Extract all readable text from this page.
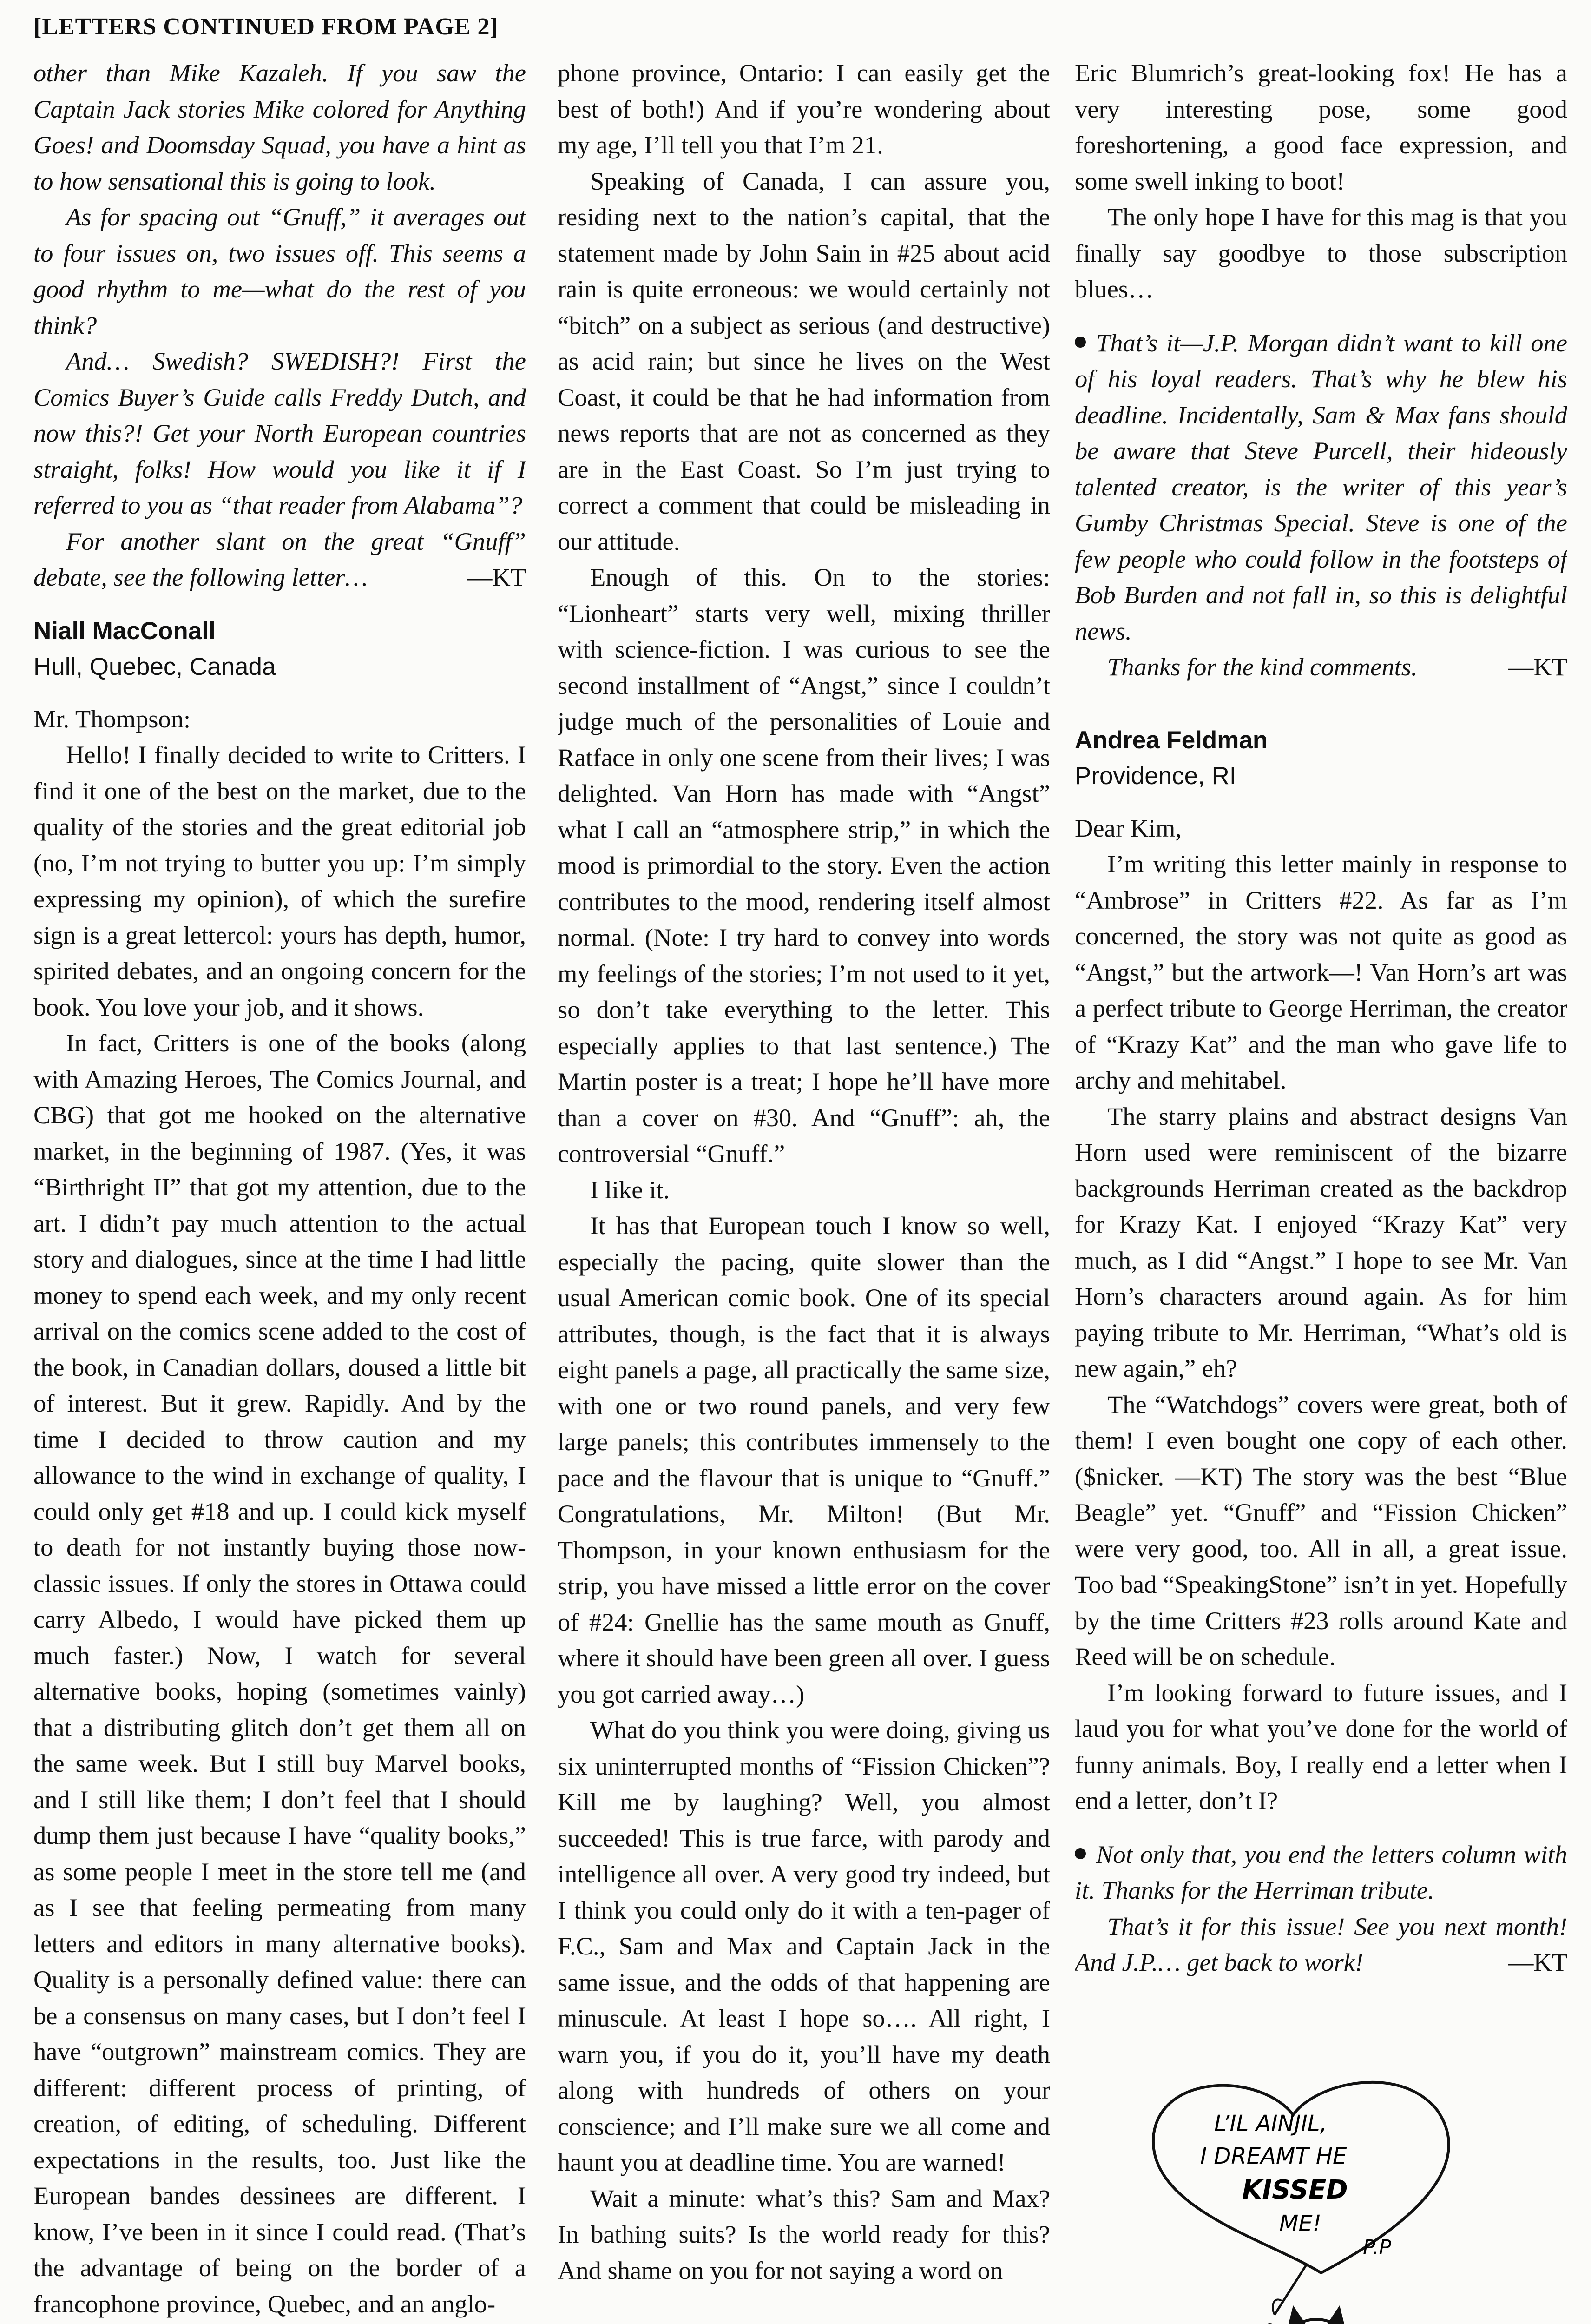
[LETTERS CONTINUED FROM PAGE 2]

other than Mike Kazaleh. If you saw the Captain Jack stories Mike colored for Anything Goes! and Doomsday Squad, you have a hint as to how sensational this is going to look.

As for spacing out “Gnuff,” it averages out to four issues on, two issues off. This seems a good rhythm to me—what do the rest of you think?

And… Swedish? SWEDISH?! First the Comics Buyer’s Guide calls Freddy Dutch, and now this?! Get your North European countries straight, folks! How would you like it if I referred to you as “that reader from Alabama”?

For another slant on the great “Gnuff” debate, see the following letter…	—KT

Niall MacConall

Hull, Quebec, Canada

Mr. Thompson:

Hello! I finally decided to write to Critters. I find it one of the best on the market, due to the quality of the stories and the great editorial job (no, I’m not trying to butter you up: I’m simply expressing my opinion), of which the surefire sign is a great lettercol: yours has depth, humor, spirited debates, and an ongoing concern for the book. You love your job, and it shows.

In fact, Critters is one of the books (along with Amazing Heroes, The Comics Journal, and CBG) that got me hooked on the alternative market, in the beginning of 1987. (Yes, it was “Birthright II” that got my attention, due to the art. I didn’t pay much attention to the actual story and dialogues, since at the time I had little money to spend each week, and my only recent arrival on the comics scene added to the cost of the book, in Canadian dollars, doused a little bit of interest. But it grew. Rapidly. And by the time I decided to throw caution and my allowance to the wind in exchange of quality, I could only get #18 and up. I could kick myself to death for not instantly buying those now-classic issues. If only the stores in Ottawa could carry Albedo, I would have picked them up much faster.) Now, I watch for several alternative books, hoping (sometimes vainly) that a distributing glitch don’t get them all on the same week. But I still buy Marvel books, and I still like them; I don’t feel that I should dump them just because I have “quality books,” as some people I meet in the store tell me (and as I see that feeling permeating from many letters and editors in many alternative books). Quality is a personally defined value: there can be a consensus on many cases, but I don’t feel I have “outgrown” mainstream comics. They are different: different process of printing, of creation, of editing, of scheduling. Different expectations in the results, too. Just like the European bandes dessinees are different. I know, I’ve been in it since I could read. (That’s the advantage of being on the border of a francophone province, Quebec, and an anglo-

phone province, Ontario: I can easily get the best of both!) And if you’re wondering about my age, I’ll tell you that I’m 21.

Speaking of Canada, I can assure you, residing next to the nation’s capital, that the statement made by John Sain in #25 about acid rain is quite erroneous: we would certainly not “bitch” on a subject as serious (and destructive) as acid rain; but since he lives on the West Coast, it could be that he had information from news reports that are not as concerned as they are in the East Coast. So I’m just trying to correct a comment that could be misleading in our attitude.

Enough of this. On to the stories: “Lionheart” starts very well, mixing thriller with science-fiction. I was curious to see the second installment of “Angst,” since I couldn’t judge much of the personalities of Louie and Ratface in only one scene from their lives; I was delighted. Van Horn has made with “Angst” what I call an “atmosphere strip,” in which the mood is primordial to the story. Even the action contributes to the mood, rendering itself almost normal. (Note: I try hard to convey into words my feelings of the stories; I’m not used to it yet, so don’t take everything to the letter. This especially applies to that last sentence.) The Martin poster is a treat; I hope he’ll have more than a cover on #30. And “Gnuff”: ah, the controversial “Gnuff.”

I like it.

It has that European touch I know so well, especially the pacing, quite slower than the usual American comic book. One of its special attributes, though, is the fact that it is always eight panels a page, all practically the same size, with one or two round panels, and very few large panels; this contributes immensely to the pace and the flavour that is unique to “Gnuff.” Congratulations, Mr. Milton! (But Mr. Thompson, in your known enthusiasm for the strip, you have missed a little error on the cover of #24: Gnellie has the same mouth as Gnuff, where it should have been green all over. I guess you got carried away…)

What do you think you were doing, giving us six uninterrupted months of “Fission Chicken”? Kill me by laughing? Well, you almost succeeded! This is true farce, with parody and intelligence all over. A very good try indeed, but I think you could only do it with a ten-pager of F.C., Sam and Max and Captain Jack in the same issue, and the odds of that happening are minuscule. At least I hope so…. All right, I warn you, if you do it, you’ll have my death along with hundreds of others on your conscience; and I’ll make sure we all come and haunt you at deadline time. You are warned!

Wait a minute: what’s this? Sam and Max? In bathing suits? Is the world ready for this? And shame on you for not saying a word on

Eric Blumrich’s great-looking fox! He has a very interesting pose, some good foreshortening, a good face expression, and some swell inking to boot!

The only hope I have for this mag is that you finally say goodbye to those subscription blues…

That’s it—J.P. Morgan didn’t want to kill one of his loyal readers. That’s why he blew his deadline. Incidentally, Sam & Max fans should be aware that Steve Purcell, their hideously talented creator, is the writer of this year’s Gumby Christmas Special. Steve is one of the few people who could follow in the footsteps of Bob Burden and not fall in, so this is delightful news.

Thanks for the kind comments.	—KT

Andrea Feldman

Providence, RI

Dear Kim,

I’m writing this letter mainly in response to “Ambrose” in Critters #22. As far as I’m concerned, the story was not quite as good as “Angst,” but the artwork—! Van Horn’s art was a perfect tribute to George Herriman, the creator of “Krazy Kat” and the man who gave life to archy and mehitabel.

The starry plains and abstract designs Van Horn used were reminiscent of the bizarre backgrounds Herriman created as the backdrop for Krazy Kat. I enjoyed “Krazy Kat” very much, as I did “Angst.” I hope to see Mr. Van Horn’s characters around again. As for him paying tribute to Mr. Herriman, “What’s old is new again,” eh?

The “Watchdogs” covers were great, both of them! I even bought one copy of each other. ($nicker. —KT) The story was the best “Blue Beagle” yet. “Gnuff” and “Fission Chicken” were very good, too. All in all, a great issue. Too bad “SpeakingStone” isn’t in yet. Hopefully by the time Critters #23 rolls around Kate and Reed will be on schedule.

I’m looking forward to future issues, and I laud you for what you’ve done for the world of funny animals. Boy, I really end a letter when I end a letter, don’t I?

Not only that, you end the letters column with it. Thanks for the Herriman tribute.

That’s it for this issue! See you next month! And J.P.… get back to work!	—KT

L’IL AINJIL,
I DREAMT HE
KISSED
ME!
P.P
